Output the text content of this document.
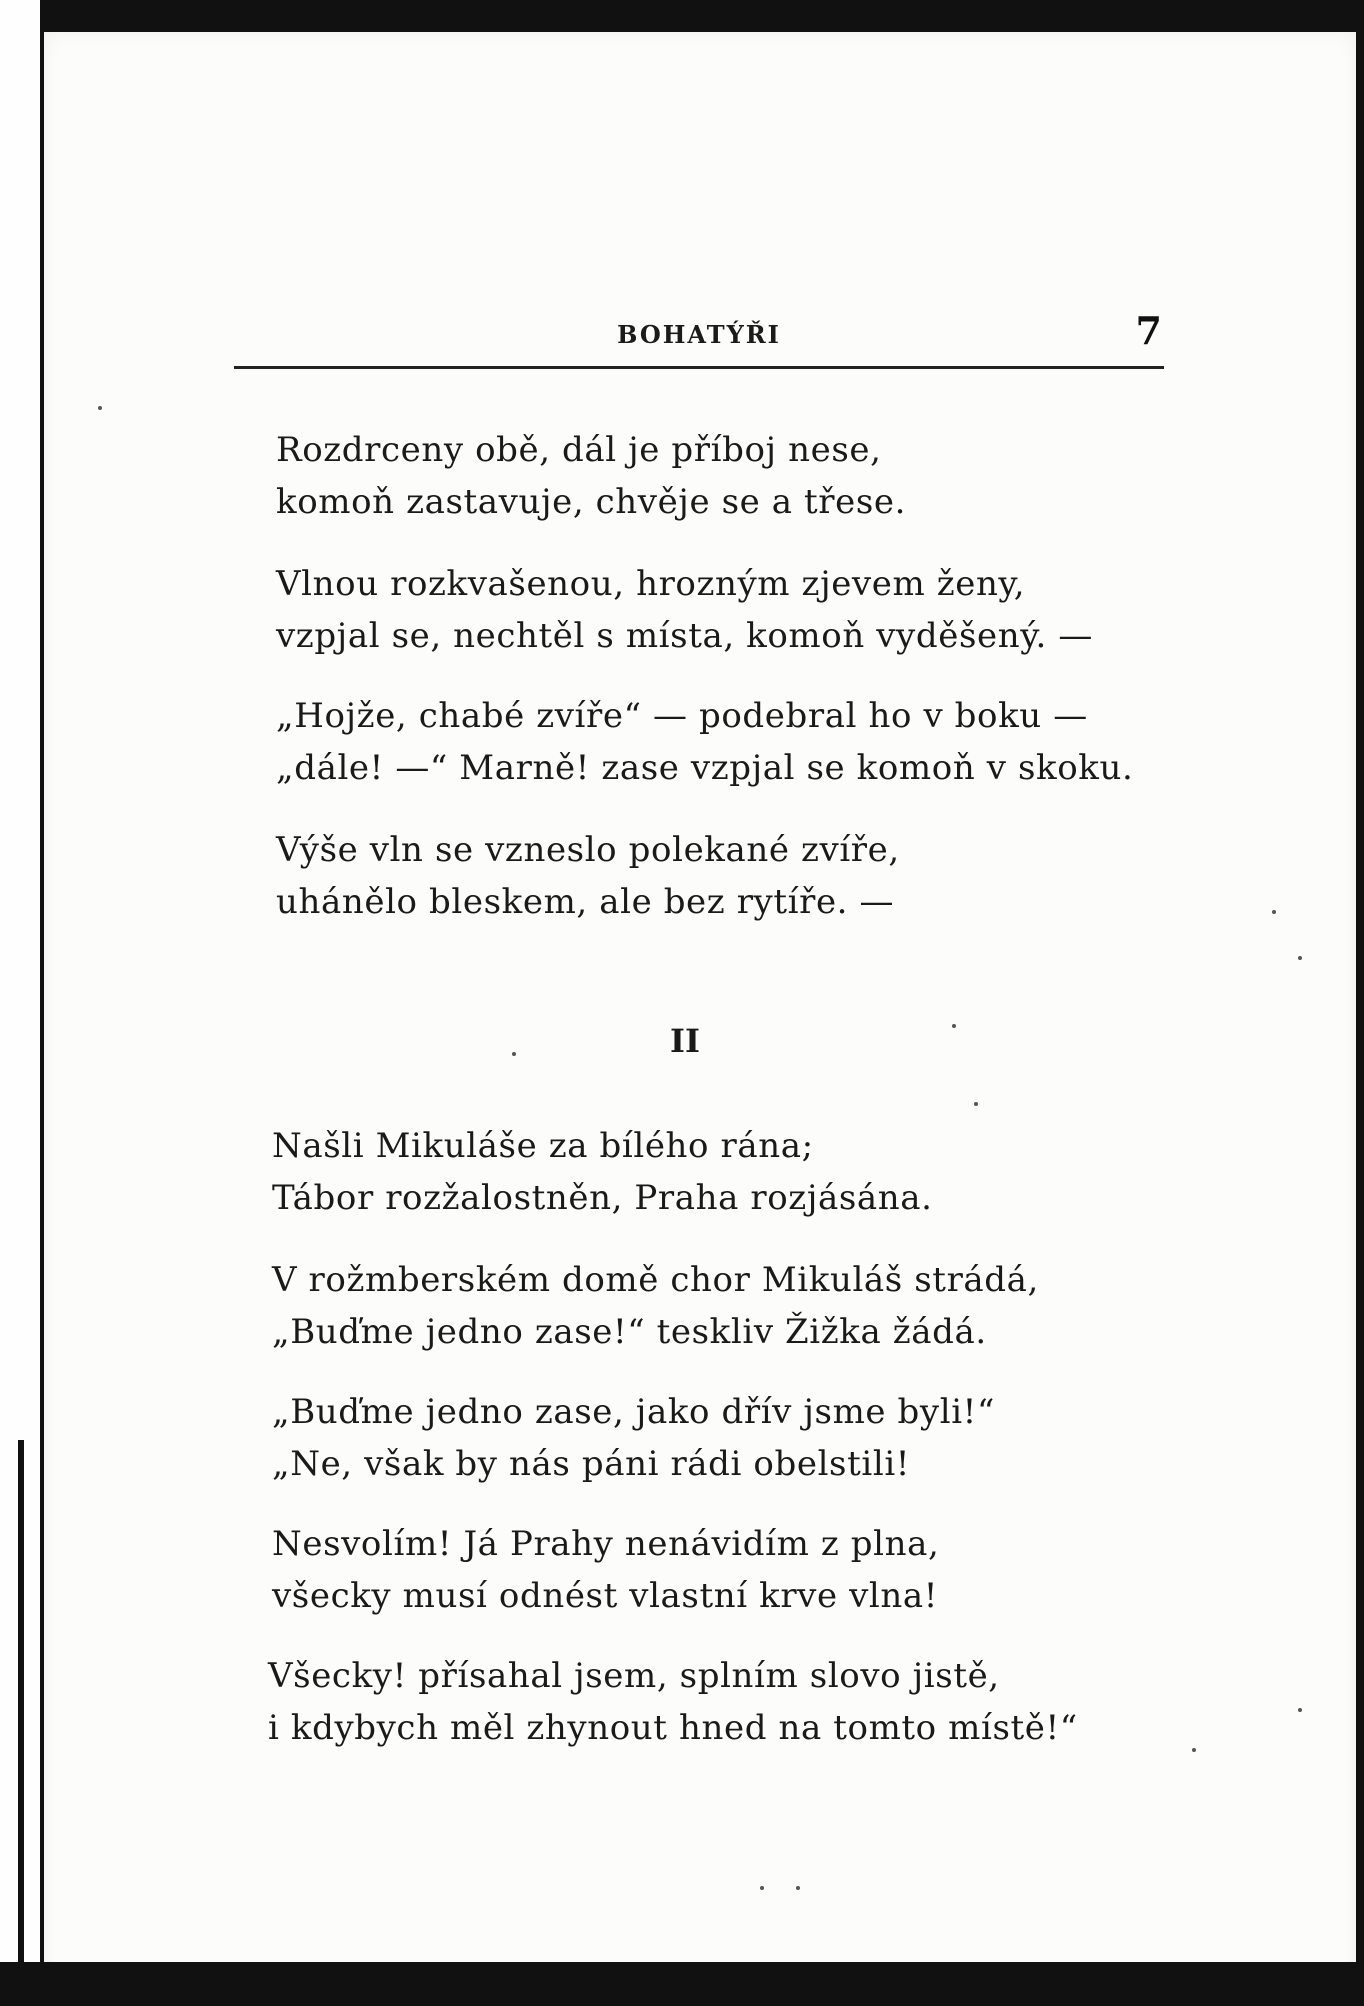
BOHATÝŘI	7
Rozdrceny obě, dál je příboj nese,
komoň zastavuje, chvěje se a třese.
Vlnou rozkvašenou, hrozným zjevem ženy,
vzpjal se, nechtěl s místa, komoň vyděšený. —
„Hojže, chabé zvíře“ — podebral ho v boku —
„dále! —“ Marně! zase vzpjal se komoň v skoku.
Výše vln se vzneslo polekané zvíře,
uhánělo bleskem, ale bez rytíře. —
II
Našli Mikuláše za bílého rána;
Tábor rozžalostněn, Praha rozjásána.
V rožmberském domě chor Mikuláš strádá,
„Buďme jedno zase!“ teskliv Žižka žádá.
„Buďme jedno zase, jako dřív jsme byli!“
„Ne, však by nás páni rádi obelstili!
Nesvolím! Já Prahy nenávidím z plna,
všecky musí odnést vlastní krve vlna!
Všecky! přísahal jsem, splním slovo jistě,
i kdybych měl zhynout hned na tomto místě!“
